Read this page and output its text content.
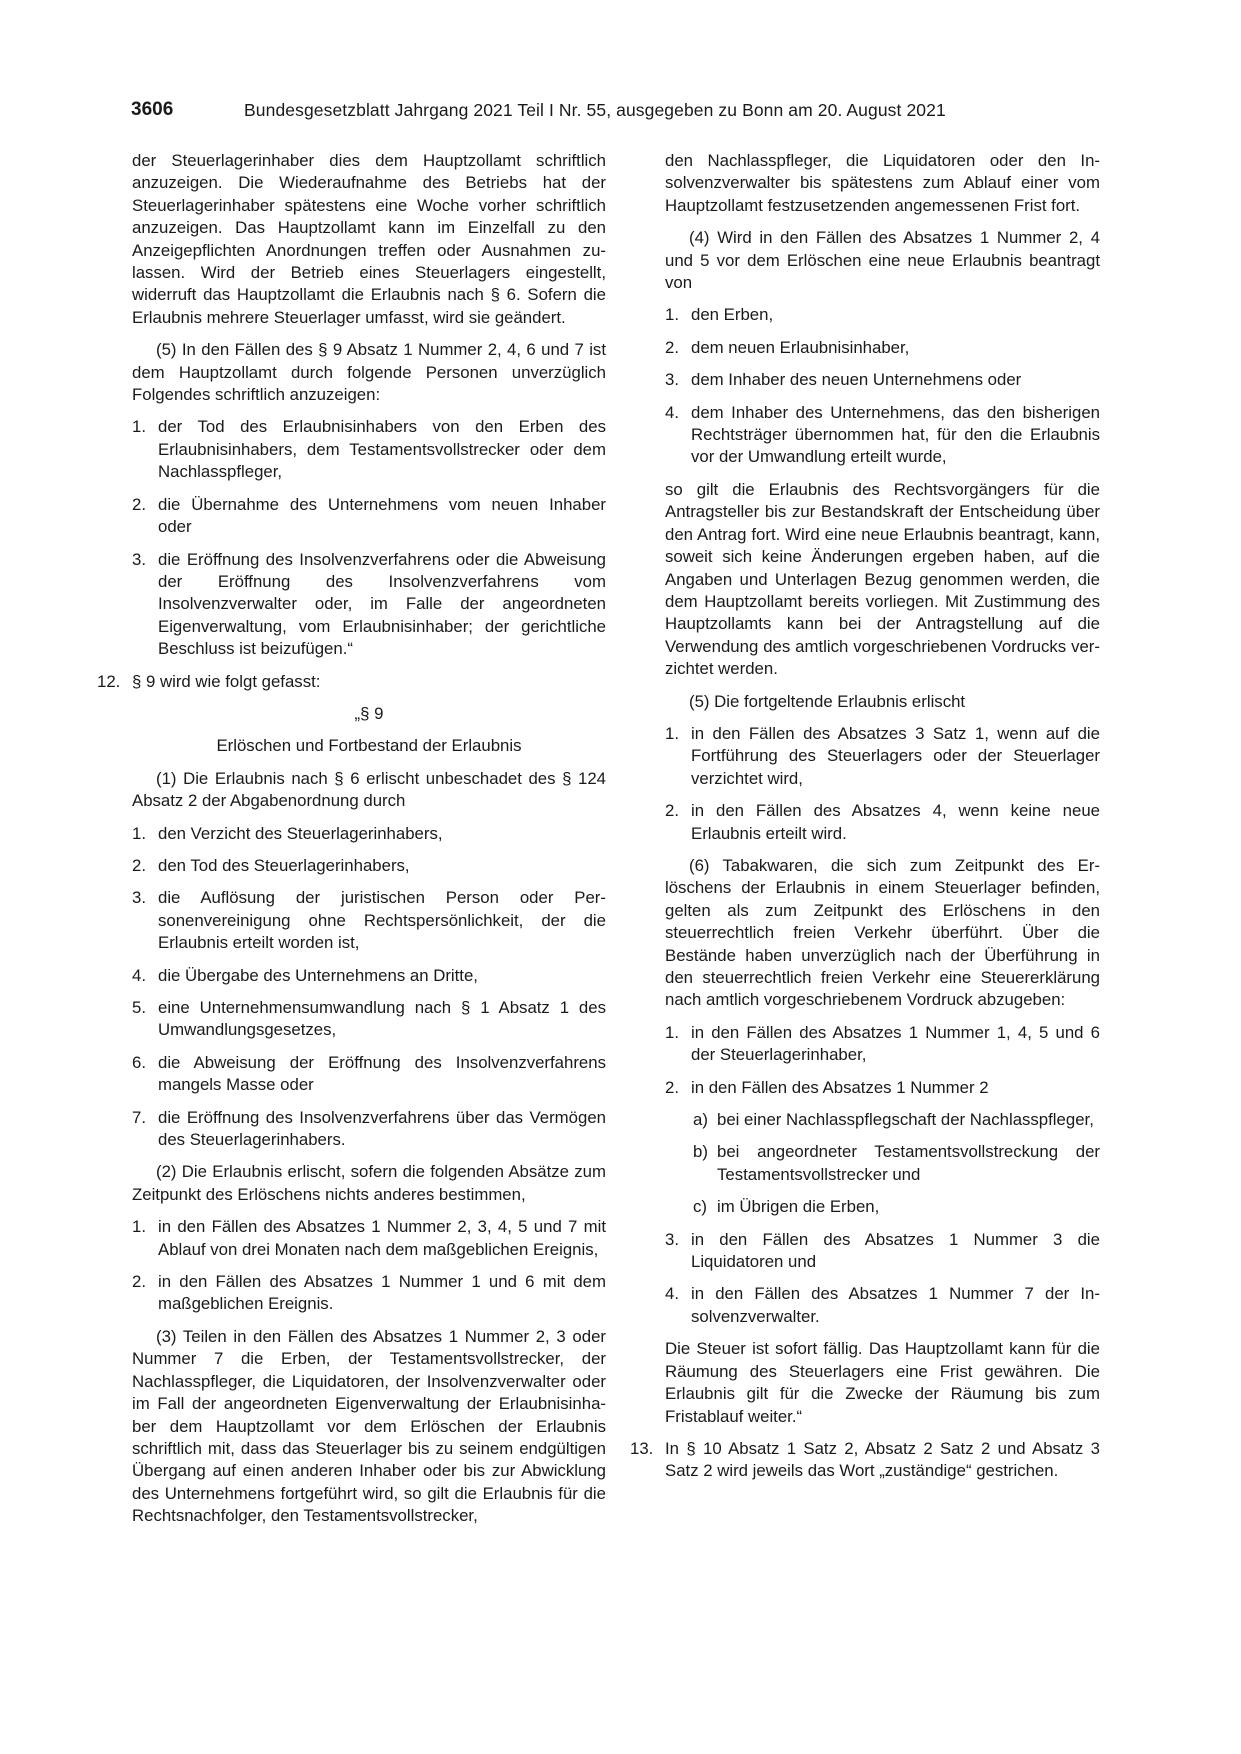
3606	Bundesgesetzblatt Jahrgang 2021 Teil I Nr. 55, ausgegeben zu Bonn am 20. August 2021

der Steuerlagerinhaber dies dem Hauptzollamt schriftlich anzuzeigen. Die Wiederaufnahme des Betriebs hat der Steuerlagerinhaber spätestens eine Woche vorher schriftlich anzuzeigen. Das Hauptzollamt kann im Einzelfall zu den Anzeigepflichten Anordnungen treffen oder Ausnahmen zulassen. Wird der Betrieb eines Steuerlagers eingestellt, widerruft das Hauptzollamt die Erlaubnis nach § 6. Sofern die Erlaubnis mehrere Steuerlager umfasst, wird sie geändert.

(5) In den Fällen des § 9 Absatz 1 Nummer 2, 4, 6 und 7 ist dem Hauptzollamt durch folgende Personen unverzüglich Folgendes schriftlich anzuzeigen:

1. der Tod des Erlaubnisinhabers von den Erben des Erlaubnisinhabers, dem Testamentsvollstrecker oder dem Nachlasspfleger,
2. die Übernahme des Unternehmens vom neuen Inhaber oder
3. die Eröffnung des Insolvenzverfahrens oder die Abweisung der Eröffnung des Insolvenzverfahrens vom Insolvenzverwalter oder, im Falle der angeordneten Eigenverwaltung, vom Erlaubnisinhaber; der gerichtliche Beschluss ist beizufügen.“
12. § 9 wird wie folgt gefasst:
„§ 9
Erlöschen und Fortbestand der Erlaubnis

(1) Die Erlaubnis nach § 6 erlischt unbeschadet des § 124 Absatz 2 der Abgabenordnung durch

1. den Verzicht des Steuerlagerinhabers,
2. den Tod des Steuerlagerinhabers,
3. die Auflösung der juristischen Person oder Personenvereinigung ohne Rechtspersönlichkeit, der die Erlaubnis erteilt worden ist,
4. die Übergabe des Unternehmens an Dritte,
5. eine Unternehmensumwandlung nach § 1 Absatz 1 des Umwandlungsgesetzes,
6. die Abweisung der Eröffnung des Insolvenzverfahrens mangels Masse oder
7. die Eröffnung des Insolvenzverfahrens über das Vermögen des Steuerlagerinhabers.

(2) Die Erlaubnis erlischt, sofern die folgenden Absätze zum Zeitpunkt des Erlöschens nichts anderes bestimmen,

1. in den Fällen des Absatzes 1 Nummer 2, 3, 4, 5 und 7 mit Ablauf von drei Monaten nach dem maßgeblichen Ereignis,
2. in den Fällen des Absatzes 1 Nummer 1 und 6 mit dem maßgeblichen Ereignis.

(3) Teilen in den Fällen des Absatzes 1 Nummer 2, 3 oder Nummer 7 die Erben, der Testamentsvollstrecker, der Nachlasspfleger, die Liquidatoren, der Insolvenzverwalter oder im Fall der angeordneten Eigenverwaltung der Erlaubnisinhaber dem Hauptzollamt vor dem Erlöschen der Erlaubnis schriftlich mit, dass das Steuerlager bis zu seinem endgültigen Übergang auf einen anderen Inhaber oder bis zur Abwicklung des Unternehmens fortgeführt wird, so gilt die Erlaubnis für die Rechtsnachfolger, den Testamentsvollstrecker,

den Nachlasspfleger, die Liquidatoren oder den Insolvenzverwalter bis spätestens zum Ablauf einer vom Hauptzollamt festzusetzenden angemessenen Frist fort.

(4) Wird in den Fällen des Absatzes 1 Nummer 2, 4 und 5 vor dem Erlöschen eine neue Erlaubnis beantragt von

1. den Erben,
2. dem neuen Erlaubnisinhaber,
3. dem Inhaber des neuen Unternehmens oder
4. dem Inhaber des Unternehmens, das den bisherigen Rechtsträger übernommen hat, für den die Erlaubnis vor der Umwandlung erteilt wurde,

so gilt die Erlaubnis des Rechtsvorgängers für die Antragsteller bis zur Bestandskraft der Entscheidung über den Antrag fort. Wird eine neue Erlaubnis beantragt, kann, soweit sich keine Änderungen ergeben haben, auf die Angaben und Unterlagen Bezug genommen werden, die dem Hauptzollamt bereits vorliegen. Mit Zustimmung des Hauptzollamts kann bei der Antragstellung auf die Verwendung des amtlich vorgeschriebenen Vordrucks verzichtet werden.

(5) Die fortgeltende Erlaubnis erlischt

1. in den Fällen des Absatzes 3 Satz 1, wenn auf die Fortführung des Steuerlagers oder der Steuerlager verzichtet wird,
2. in den Fällen des Absatzes 4, wenn keine neue Erlaubnis erteilt wird.

(6) Tabakwaren, die sich zum Zeitpunkt des Erlöschens der Erlaubnis in einem Steuerlager befinden, gelten als zum Zeitpunkt des Erlöschens in den steuerrechtlich freien Verkehr überführt. Über die Bestände haben unverzüglich nach der Überführung in den steuerrechtlich freien Verkehr eine Steuererklärung nach amtlich vorgeschriebenem Vordruck abzugeben:

1. in den Fällen des Absatzes 1 Nummer 1, 4, 5 und 6 der Steuerlagerinhaber,
2. in den Fällen des Absatzes 1 Nummer 2
a) bei einer Nachlasspflegschaft der Nachlasspfleger,
b) bei angeordneter Testamentsvollstreckung der Testamentsvollstrecker und
c) im Übrigen die Erben,
3. in den Fällen des Absatzes 1 Nummer 3 die Liquidatoren und
4. in den Fällen des Absatzes 1 Nummer 7 der Insolvenzverwalter.

Die Steuer ist sofort fällig. Das Hauptzollamt kann für die Räumung des Steuerlagers eine Frist gewähren. Die Erlaubnis gilt für die Zwecke der Räumung bis zum Fristablauf weiter.“

13. In § 10 Absatz 1 Satz 2, Absatz 2 Satz 2 und Absatz 3 Satz 2 wird jeweils das Wort „zuständige“ gestrichen.
